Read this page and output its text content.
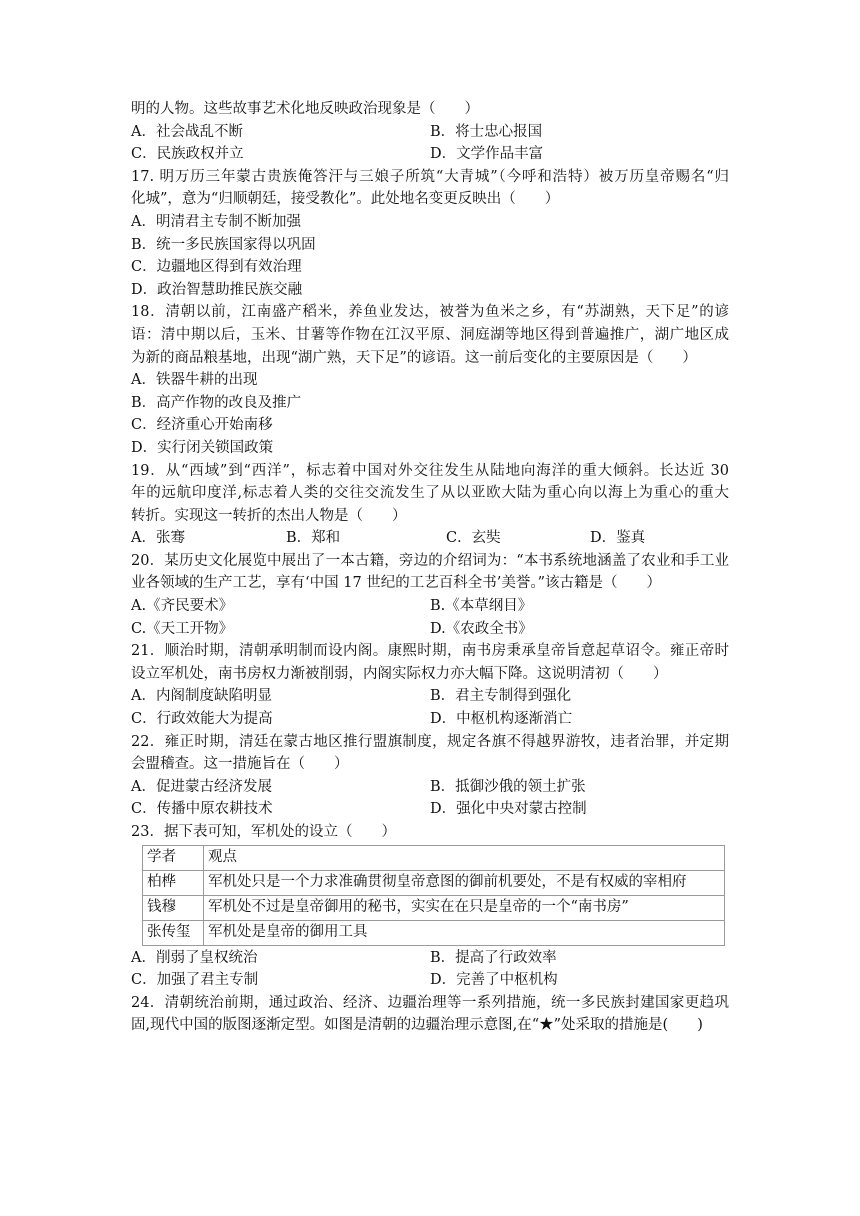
明的人物。这些故事艺术化地反映政治现象是（　　）
A．社会战乱不断	B．将士忠心报国
C．民族政权并立	D．文学作品丰富
17. 明万历三年蒙古贵族俺答汗与三娘子所筑“大青城”（今呼和浩特）被万历皇帝赐名“归
化城”，意为“归顺朝廷，接受教化”。此处地名变更反映出（　　）
A．明清君主专制不断加强
B．统一多民族国家得以巩固
C．边疆地区得到有效治理
D．政治智慧助推民族交融
18．清朝以前，江南盛产稻米，养鱼业发达，被誉为鱼米之乡，有“苏湖熟，天下足”的谚
语：清中期以后，玉米、甘薯等作物在江汉平原、洞庭湖等地区得到普遍推广，湖广地区成
为新的商品粮基地，出现“湖广熟，天下足”的谚语。这一前后变化的主要原因是（　　）
A．铁器牛耕的出现
B．高产作物的改良及推广
C．经济重心开始南移
D．实行闭关锁国政策
19．从“西域”到“西洋”，标志着中国对外交往发生从陆地向海洋的重大倾斜。长达近 30
年的远航印度洋,标志着人类的交往交流发生了从以亚欧大陆为重心向以海上为重心的重大
转折。实现这一转折的杰出人物是（　　）
A．张骞	B．郑和	C．玄奘	D．鉴真
20．某历史文化展览中展出了一本古籍，旁边的介绍词为：“本书系统地涵盖了农业和手工业
业各领域的生产工艺，享有‘中国 17 世纪的工艺百科全书’美誉。”该古籍是（　　）
A.《齐民要术》	B.《本草纲目》
C.《天工开物》	D.《农政全书》
21．顺治时期，清朝承明制而设内阁。康熙时期，南书房秉承皇帝旨意起草诏令。雍正帝时
设立军机处，南书房权力渐被削弱，内阁实际权力亦大幅下降。这说明清初（　　）
A．内阁制度缺陷明显	B．君主专制得到强化
C．行政效能大为提高	D．中枢机构逐渐消亡
22．雍正时期，清廷在蒙古地区推行盟旗制度，规定各旗不得越界游牧，违者治罪，并定期
会盟稽查。这一措施旨在（　　）
A．促进蒙古经济发展	B．抵御沙俄的领土扩张
C．传播中原农耕技术	D．强化中央对蒙古控制
23．据下表可知，军机处的设立（　　）
学者	观点
柏桦	军机处只是一个力求准确贯彻皇帝意图的御前机要处，不是有权威的宰相府
钱穆	军机处不过是皇帝御用的秘书，实实在在只是皇帝的一个“南书房”
张传玺	军机处是皇帝的御用工具
A．削弱了皇权统治	B．提高了行政效率
C．加强了君主专制	D．完善了中枢机构
24．清朝统治前期，通过政治、经济、边疆治理等一系列措施，统一多民族封建国家更趋巩
固,现代中国的版图逐渐定型。如图是清朝的边疆治理示意图,在“★”处采取的措施是(　　)
